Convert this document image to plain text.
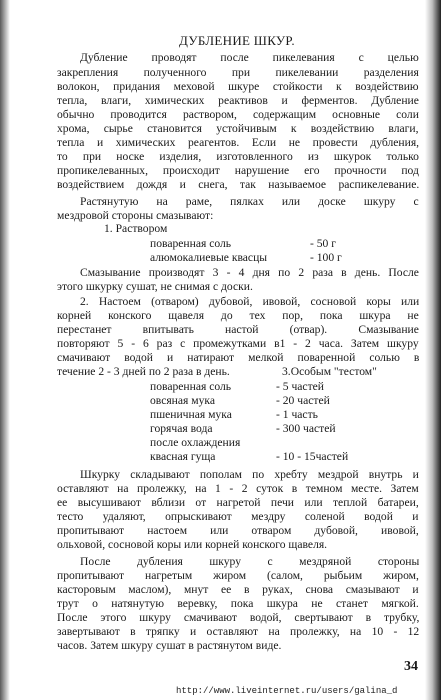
ДУБЛЕНИЕ ШКУР.
Дубление проводят после пикелевания с целью
закрепления полученного при пикелевании разделения
волокон, придания меховой шкуре стойкости к воздействию
тепла, влаги, химических реактивов и ферментов. Дубление
обычно проводится раствором, содержащим основные соли
хрома, сырье становится устойчивым к воздействию влаги,
тепла и химических реагентов. Если не провести дубления,
то при носке изделия, изготовленного из шкурок только
пропикелеванных, происходит нарушение его прочности под
воздействием дождя и снега, так называемое распикелевание.
Растянутую на раме, пялках или доске шкуру с
мездровой стороны смазывают:
1. Раствором
поваренная соль	- 50 г
алюмокалиевые квасцы	- 100 г
Смазывание производят 3 - 4 дня по 2 раза в день. После
этого шкурку сушат, не снимая с доски.
2. Настоем (отваром) дубовой, ивовой, сосновой коры или
корней конского щавеля до тех пор, пока шкура не
перестанет впитывать настой (отвар). Смазывание
повторяют 5 - 6 раз с промежутками в1 - 2 часа. Затем шкуру
смачивают водой и натирают мелкой поваренной солью в
течение 2 - 3 дней по 2 раза в день.	3.Особым "тестом"
поваренная соль	- 5 частей
овсяная мука	- 20 частей
пшеничная мука	- 1 часть
горячая вода	- 300 частей
после охлаждения
квасная гуща	- 10 - 15частей
Шкурку складывают пополам по хребту мездрой внутрь и
оставляют на пролежку, на 1 - 2 суток в темном месте. Затем
ее высушивают вблизи от нагретой печи или теплой батареи,
тесто удаляют, опрыскивают мездру соленой водой и
пропитывают настоем или отваром дубовой, ивовой,
ольховой, сосновой коры или корней конского щавеля.
После дубления шкуру с мездряной стороны
пропитывают нагретым жиром (салом, рыбьим жиром,
касторовым маслом), мнут ее в руках, снова смазывают и
трут о натянутую веревку, пока шкура не станет мягкой.
После этого шкуру смачивают водой, свертывают в трубку,
завертывают в тряпку и оставляют на пролежку, на 10 - 12
часов. Затем шкуру сушат в растянутом виде.
34
http://www.liveinternet.ru/users/galina_d
